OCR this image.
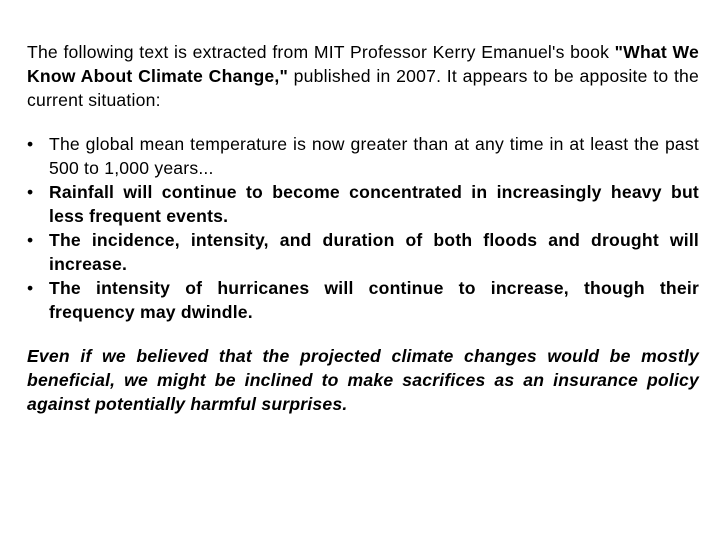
The following text is extracted from MIT Professor Kerry Emanuel's book "What We Know About Climate Change," published in 2007. It appears to be apposite to the current situation:

• The global mean temperature is now greater than at any time in at least the past 500 to 1,000 years...
• Rainfall will continue to become concentrated in increasingly heavy but less frequent events.
• The incidence, intensity, and duration of both floods and drought will increase.
• The intensity of hurricanes will continue to increase, though their frequency may dwindle.

Even if we believed that the projected climate changes would be mostly beneficial, we might be inclined to make sacrifices as an insurance policy against potentially harmful surprises.
